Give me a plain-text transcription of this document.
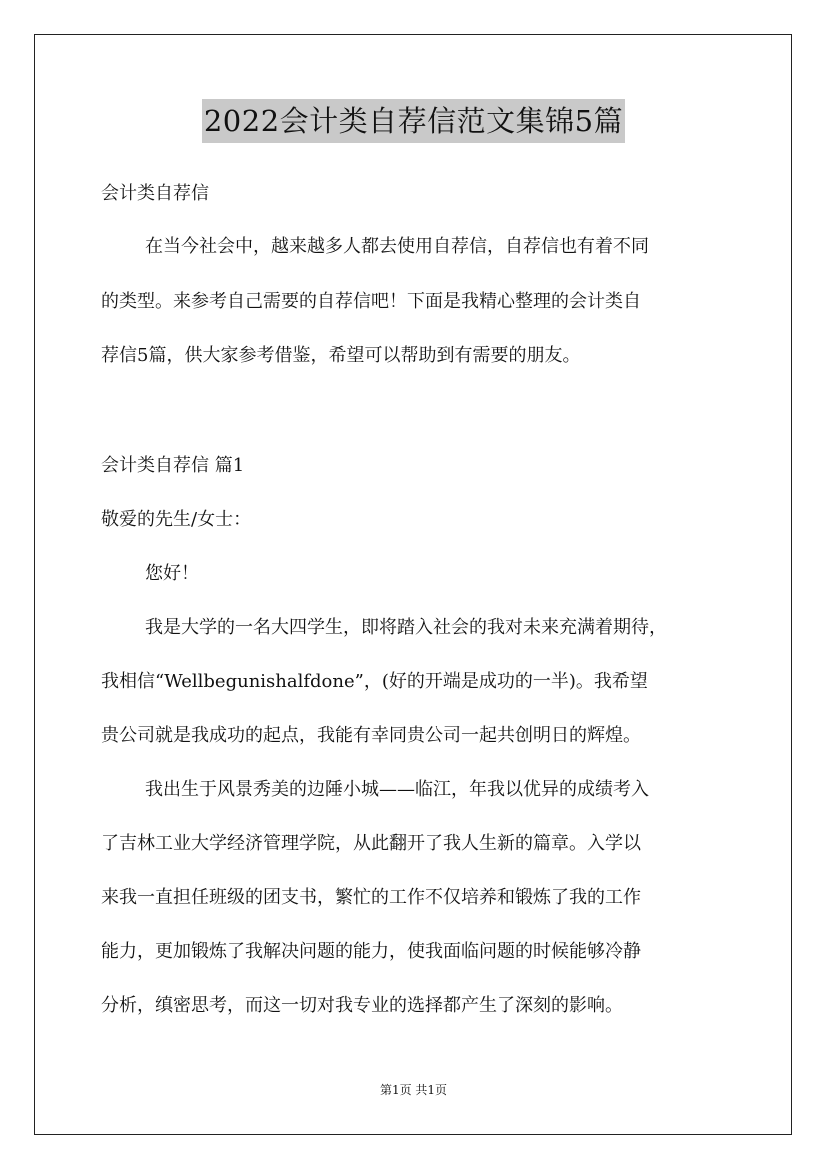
2022会计类自荐信范文集锦5篇
会计类自荐信
在当今社会中，越来越多人都去使用自荐信，自荐信也有着不同
的类型。来参考自己需要的自荐信吧！下面是我精心整理的会计类自
荐信5篇，供大家参考借鉴，希望可以帮助到有需要的朋友。
会计类自荐信 篇1
敬爱的先生/女士：
您好！
我是大学的一名大四学生，即将踏入社会的我对未来充满着期待，
我相信“Wellbegunishalfdone”，(好的开端是成功的一半)。我希望
贵公司就是我成功的起点，我能有幸同贵公司一起共创明日的辉煌。
我出生于风景秀美的边陲小城——临江，年我以优异的成绩考入
了吉林工业大学经济管理学院，从此翻开了我人生新的篇章。入学以
来我一直担任班级的团支书，繁忙的工作不仅培养和锻炼了我的工作
能力，更加锻炼了我解决问题的能力，使我面临问题的时候能够冷静
分析，缜密思考，而这一切对我专业的选择都产生了深刻的影响。
第1页 共1页
